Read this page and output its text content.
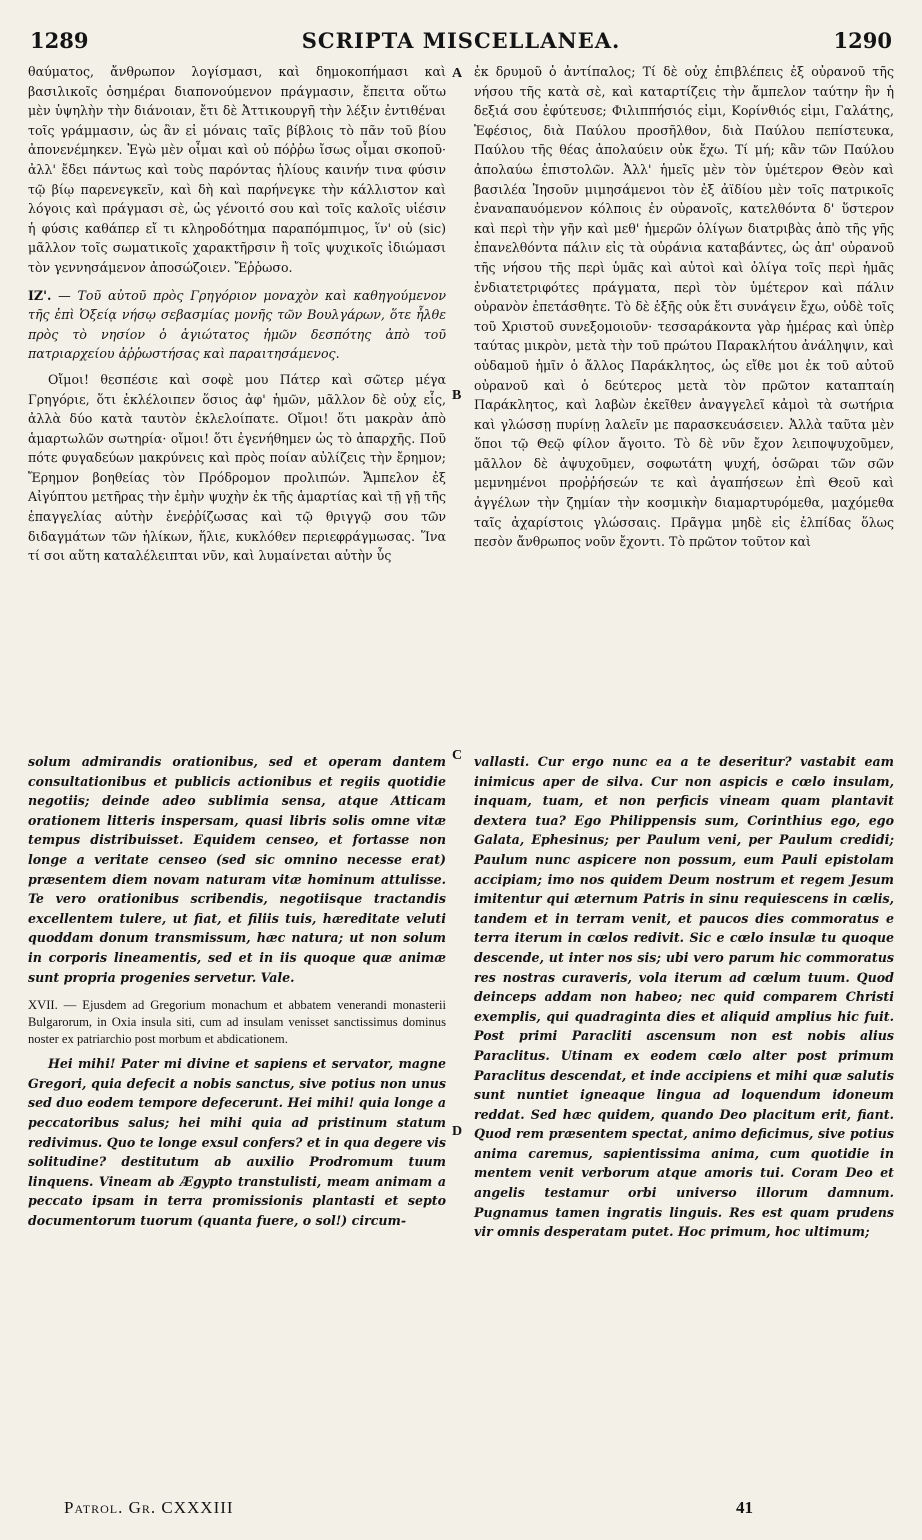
1289	SCRIPTA MISCELLANEA.	1290

θαύματος, ἄνθρωπον λογίσμασι, καὶ δημοκοπήμασι καὶ βασιλικοῖς ὁσημέραι διαπονούμενον πράγμασιν, ἔπειτα οὕτω μὲν ὑψηλὴν τὴν διάνοιαν, ἔτι δὲ Ἀττικουργῆ τὴν λέξιν ἐντιθέναι τοῖς γράμμασιν, ὡς ἂν εἰ μόναις ταῖς βίβλοις τὸ πᾶν τοῦ βίου ἀπονενέμηκεν. Ἐγὼ μὲν οἶμαι καὶ οὐ πόῤῥω ἴσως οἶμαι σκοποῦ· ἀλλ' ἔδει πάντως καὶ τοὺς παρόντας ἡλίους καινήν τινα φύσιν τῷ βίῳ παρενεγκεῖν, καὶ δὴ καὶ παρήνεγκε τὴν κάλλιστον καὶ λόγοις καὶ πράγμασι σὲ, ὡς γένοιτό σου καὶ τοῖς καλοῖς υἱέσιν ἡ φύσις καθάπερ εἴ τι κληροδότημα παραπόμπιμος, ἵν' οὐ (sic) μᾶλλον τοῖς σωματικοῖς χαρακτῆρσιν ἢ τοῖς ψυχικοῖς ἰδιώμασι τὸν γεννησάμενον ἀποσώζοιεν. Ἔῤῥωσο.

IZ'. — Τοῦ αὐτοῦ πρὸς Γρηγόριον μοναχὸν καὶ καθηγούμενον τῆς ἐπὶ Ὀξείᾳ νήσῳ σεβασμίας μονῆς τῶν Βουλγάρων, ὅτε ἦλθε πρὸς τὸ νησίον ὁ ἁγιώτατος ἡμῶν δεσπότης ἀπὸ τοῦ πατριαρχείου ἀῤῥωστήσας καὶ παραιτησάμενος.

Οἴμοι! θεσπέσιε καὶ σοφὲ μου Πάτερ καὶ σῶτερ μέγα Γρηγόριε, ὅτι ἐκλέλοιπεν ὅσιος ἀφ' ἡμῶν, μᾶλλον δὲ οὐχ εἷς, ἀλλὰ δύο κατὰ ταυτὸν ἐκλελοίπατε. Οἴμοι! ὅτι μακρὰν ἀπὸ ἁμαρτωλῶν σωτηρία· οἴμοι! ὅτι ἐγενήθημεν ὡς τὸ ἀπαρχῆς. Ποῦ πότε φυγαδεύων μακρύνεις καὶ πρὸς ποίαν αὐλίζεις τὴν ἔρημον; Ἔρημον βοηθείας τὸν Πρόδρομον προλιπών. Ἄμπελον ἐξ Αἰγύπτου μετῆρας τὴν ἐμὴν ψυχὴν ἐκ τῆς ἁμαρτίας καὶ τῇ γῇ τῆς ἐπαγγελίας αὐτὴν ἐνεῤῥίζωσας καὶ τῷ θριγγῷ σου τῶν διδαγμάτων τῶν ἡλίκων, ἥλιε, κυκλόθεν περιεφράγμωσας. Ἵνα τί σοι αὕτη καταλέλειπται νῦν, καὶ λυμαίνεται αὐτὴν ὗς

ἐκ δρυμοῦ ὁ ἀντίπαλος; Τί δὲ οὐχ ἐπιβλέπεις ἐξ οὐρανοῦ τῆς νήσου τῆς κατὰ σὲ, καὶ καταρτίζεις τὴν ἄμπελον ταύτην ἣν ἡ δεξιά σου ἐφύτευσε; Φιλιππήσιός εἰμι, Κορίνθιός εἰμι, Γαλάτης, Ἐφέσιος, διὰ Παύλου προσῆλθον, διὰ Παύλου πεπίστευκα, Παύλου τῆς θέας ἀπολαύειν οὐκ ἔχω. Τί μή; κἂν τῶν Παύλου ἀπολαύω ἐπιστολῶν. Ἀλλ' ἡμεῖς μὲν τὸν ὑμέτερον Θεὸν καὶ βασιλέα Ἰησοῦν μιμησάμενοι τὸν ἐξ ἀϊδίου μὲν τοῖς πατρικοῖς ἐναναπαυόμενον κόλποις ἐν οὐρανοῖς, κατελθόντα δ' ὕστερον καὶ περὶ τὴν γῆν καὶ μεθ' ἡμερῶν ὀλίγων διατριβὰς ἀπὸ τῆς γῆς ἐπανελθόντα πάλιν εἰς τὰ οὐράνια καταβάντες, ὡς ἀπ' οὐρανοῦ τῆς νήσου τῆς περὶ ὑμᾶς καὶ αὐτοὶ καὶ ὀλίγα τοῖς περὶ ἡμᾶς ἐνδιατετριφότες πράγματα, περὶ τὸν ὑμέτερον καὶ πάλιν οὐρανὸν ἐπετάσθητε. Τὸ δὲ ἑξῆς οὐκ ἔτι συνάγειν ἔχω, οὐδὲ τοῖς τοῦ Χριστοῦ συνεξομοιοῦν· τεσσαράκοντα γὰρ ἡμέρας καὶ ὑπὲρ ταύτας μικρὸν, μετὰ τὴν τοῦ πρώτου Παρακλήτου ἀνάληψιν, καὶ οὐδαμοῦ ἡμῖν ὁ ἄλλος Παράκλητος, ὡς εἴθε μοι ἐκ τοῦ αὐτοῦ οὐρανοῦ καὶ ὁ δεύτερος μετὰ τὸν πρῶτον καταπταίη Παράκλητος, καὶ λαβὼν ἐκεῖθεν ἀναγγελεῖ κἀμοὶ τὰ σωτήρια καὶ γλώσσῃ πυρίνῃ λαλεῖν με παρασκευάσειεν. Ἀλλὰ ταῦτα μὲν ὅποι τῷ Θεῷ φίλον ἄγοιτο. Τὸ δὲ νῦν ἔχον λειποψυχοῦμεν, μᾶλλον δὲ ἀψυχοῦμεν, σοφωτάτη ψυχή, ὁσῶραι τῶν σῶν μεμνημένοι προῤῥήσεών τε καὶ ἀγαπήσεων ἐπὶ Θεοῦ καὶ ἀγγέλων τὴν ζημίαν τὴν κοσμικὴν διαμαρτυρόμεθα, μαχόμεθα ταῖς ἀχαρίστοις γλώσσαις. Πρᾶγμα μηδὲ εἰς ἐλπίδας ὅλως πεσὸν ἄνθρωπος νοῦν ἔχοντι. Τὸ πρῶτον τοῦτον καὶ

A
B
C
D

solum admirandis orationibus, sed et operam dantem consultationibus et publicis actionibus et regiis quotidie negotiis; deinde adeo sublimia sensa, atque Atticam orationem litteris inspersam, quasi libris solis omne vitæ tempus distribuisset. Equidem censeo, et fortasse non longe a veritate censeo (sed sic omnino necesse erat) præsentem diem novam naturam vitæ hominum attulisse. Te vero orationibus scribendis, negotiisque tractandis excellentem tulere, ut fiat, et filiis tuis, hæreditate veluti quoddam donum transmissum, hæc natura; ut non solum in corporis lineamentis, sed et in iis quoque quæ animæ sunt propria progenies servetur. Vale.

XVII. — Ejusdem ad Gregorium monachum et abbatem venerandi monasterii Bulgarorum, in Oxia insula siti, cum ad insulam venisset sanctissimus dominus noster ex patriarchio post morbum et abdicationem.

Hei mihi! Pater mi divine et sapiens et servator, magne Gregori, quia defecit a nobis sanctus, sive potius non unus sed duo eodem tempore defecerunt. Hei mihi! quia longe a peccatoribus salus; hei mihi quia ad pristinum statum redivimus. Quo te longe exsul confers? et in qua degere vis solitudine? destitutum ab auxilio Prodromum tuum linquens. Vineam ab Ægypto transtulisti, meam animam a peccato ipsam in terra promissionis plantasti et septo documentorum tuorum (quanta fuere, o sol!) circum-

vallasti. Cur ergo nunc ea a te deseritur? vastabit eam inimicus aper de silva. Cur non aspicis e cœlo insulam, inquam, tuam, et non perficis vineam quam plantavit dextera tua? Ego Philippensis sum, Corinthius ego, ego Galata, Ephesinus; per Paulum veni, per Paulum credidi; Paulum nunc aspicere non possum, eum Pauli epistolam accipiam; imo nos quidem Deum nostrum et regem Jesum imitentur qui æternum Patris in sinu requiescens in cœlis, tandem et in terram venit, et paucos dies commoratus e terra iterum in cœlos redivit. Sic e cœlo insulæ tu quoque descende, ut inter nos sis; ubi vero parum hic commoratus res nostras curaveris, vola iterum ad cœlum tuum. Quod deinceps addam non habeo; nec quid comparem Christi exemplis, qui quadraginta dies et aliquid amplius hic fuit. Post primi Paracliti ascensum non est nobis alius Paraclitus. Utinam ex eodem cœlo alter post primum Paraclitus descendat, et inde accipiens et mihi quæ salutis sunt nuntiet igneaque lingua ad loquendum idoneum reddat. Sed hæc quidem, quando Deo placitum erit, fiant. Quod rem præsentem spectat, animo deficimus, sive potius anima caremus, sapientissima anima, cum quotidie in mentem venit verborum atque amoris tui. Coram Deo et angelis testamur orbi universo illorum damnum. Pugnamus tamen ingratis linguis. Res est quam prudens vir omnis desperatam putet. Hoc primum, hoc ultimum;

Patrol. Gr. CXXXIII	41
